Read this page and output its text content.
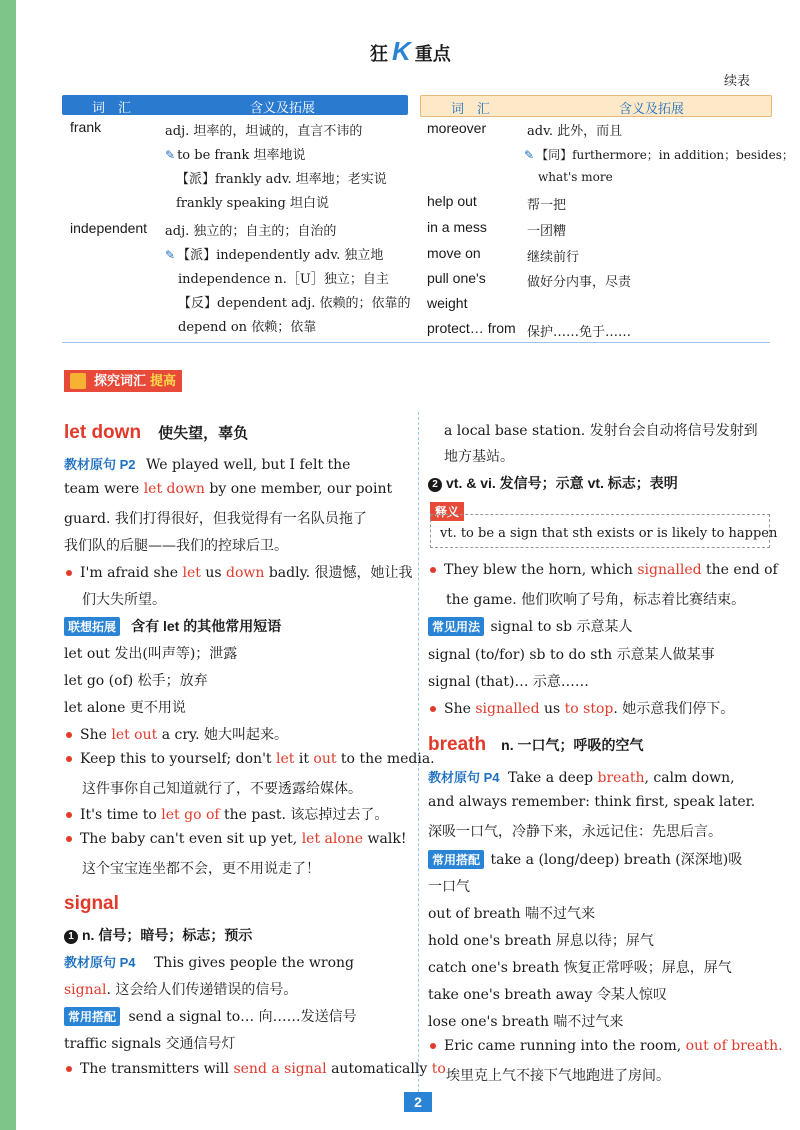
狂 K 重点
续表
词　汇	含义及拓展	词　汇	含义及拓展
frank	adj. 坦率的，坦诚的，直言不讳的
✎ to be frank 坦率地说
【派】frankly adv. 坦率地；老实说
frankly speaking 坦白说
independent adj. 独立的；自主的；自治的
✎ 【派】independently adv. 独立地
independence n.［U］独立；自主
【反】dependent adj. 依赖的；依靠的
depend on 依赖；依靠
moreover	adv. 此外，而且
✎ 【同】furthermore；in addition；besides；
what's more
help out	帮一把
in a mess	一团糟
move on	继续前行
pull one's	做好分内事，尽责
weight
protect… from 保护……免于……
探究词汇 提高
let down 使失望，辜负
教材原句 P2 We played well, but I felt the
team were let down by one member, our point
guard. 我们打得很好，但我觉得有一名队员拖了
我们队的后腿——我们的控球后卫。
I'm afraid she let us down badly. 很遗憾，她让我
们大失所望。
联想拓展 含有 let 的其他常用短语
let out 发出(叫声等)；泄露
let go (of) 松手；放弃
let alone 更不用说
She let out a cry. 她大叫起来。
Keep this to yourself; don't let it out to the media.
这件事你自己知道就行了，不要透露给媒体。
It's time to let go of the past. 该忘掉过去了。
The baby can't even sit up yet, let alone walk!
这个宝宝连坐都不会，更不用说走了！
signal
1 n. 信号；暗号；标志；预示
教材原句 P4 This gives people the wrong
signal. 这会给人们传递错误的信号。
常用搭配 send a signal to… 向……发送信号
traffic signals 交通信号灯
The transmitters will send a signal automatically to
a local base station. 发射台会自动将信号发射到
地方基站。
2 vt. & vi. 发信号；示意 vt. 标志；表明
释义
vt. to be a sign that sth exists or is likely to happen
They blew the horn, which signalled the end of
the game. 他们吹响了号角，标志着比赛结束。
常见用法 signal to sb 示意某人
signal (to/for) sb to do sth 示意某人做某事
signal (that)… 示意……
She signalled us to stop. 她示意我们停下。
breath n. 一口气；呼吸的空气
教材原句 P4 Take a deep breath, calm down,
and always remember: think first, speak later.
深吸一口气，冷静下来，永远记住：先思后言。
常用搭配 take a (long/deep) breath (深深地)吸
一口气
out of breath 喘不过气来
hold one's breath 屏息以待；屏气
catch one's breath 恢复正常呼吸；屏息，屏气
take one's breath away 令某人惊叹
lose one's breath 喘不过气来
Eric came running into the room, out of breath.
埃里克上气不接下气地跑进了房间。
2
